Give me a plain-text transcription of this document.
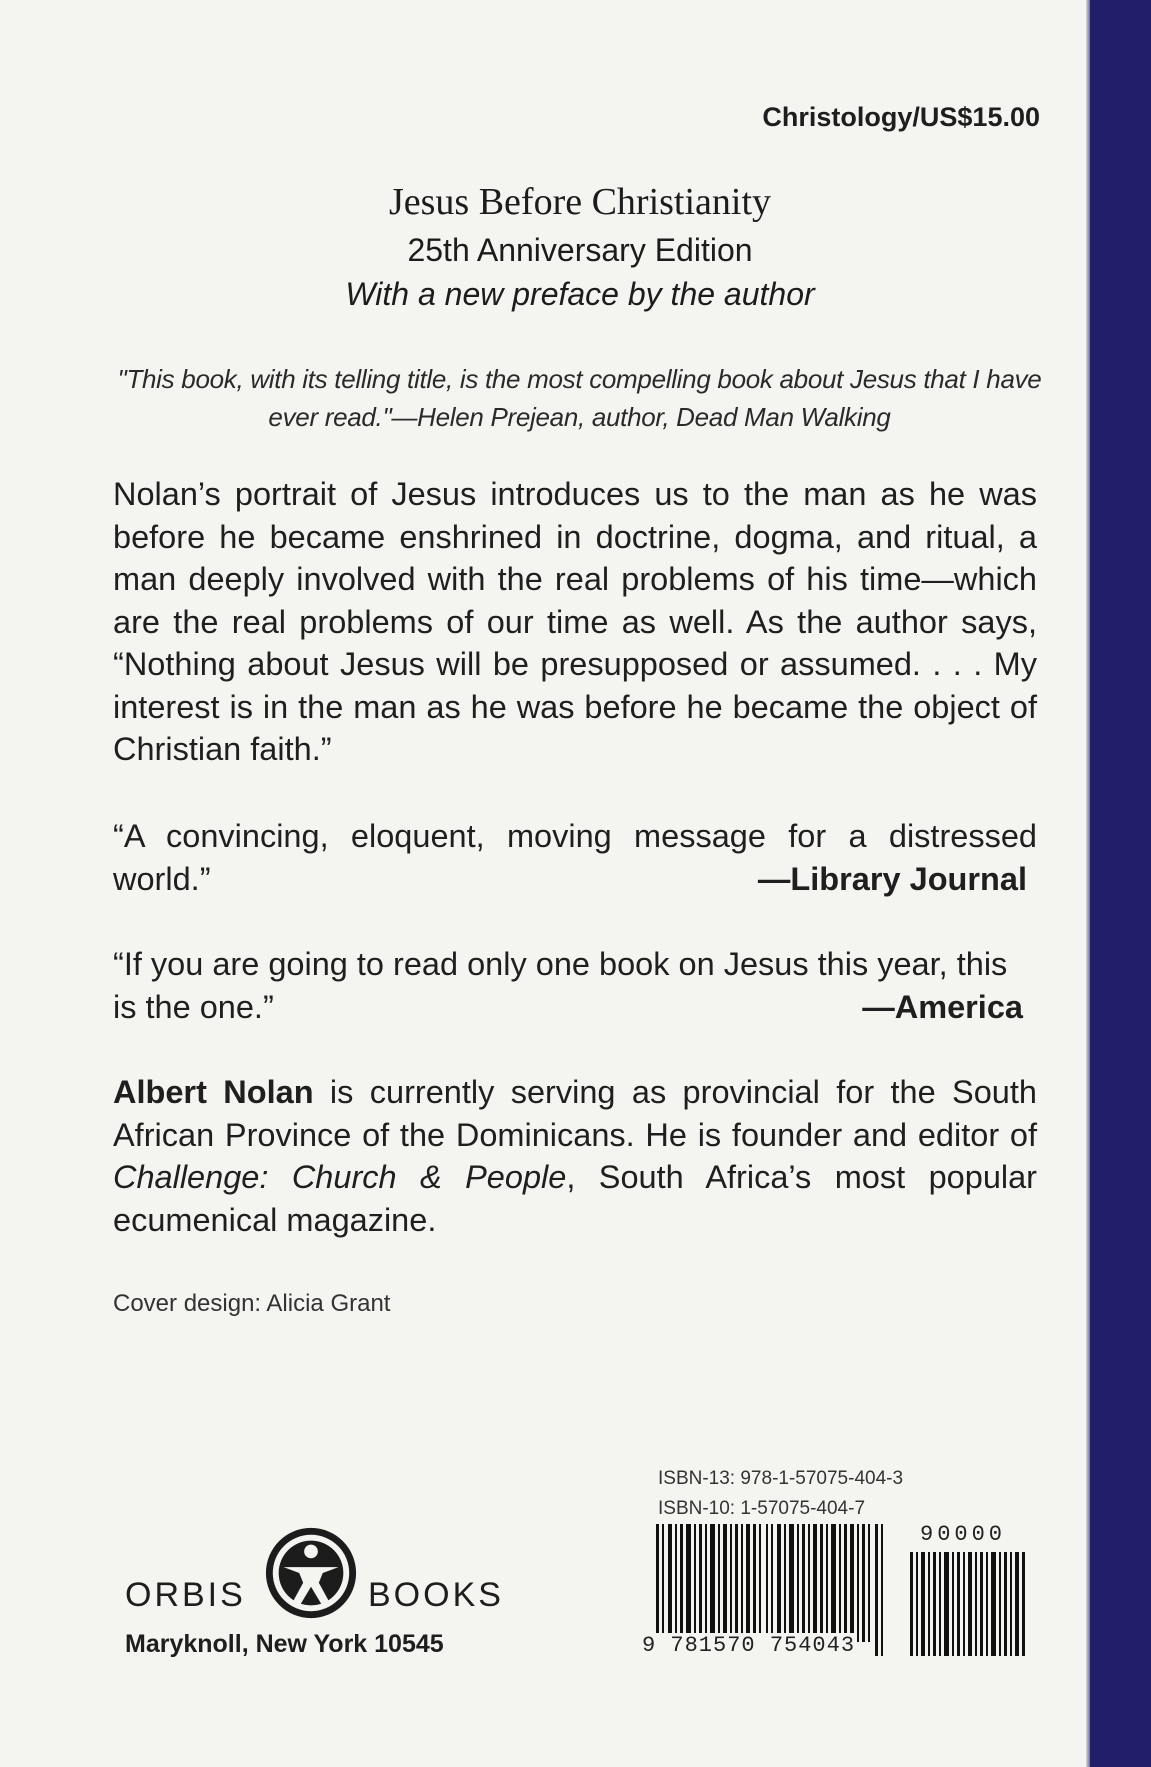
Christology/US$15.00
Jesus Before Christianity
25th Anniversary Edition
With a new preface by the author
"This book, with its telling title, is the most compelling book about Jesus that I have ever read."—Helen Prejean, author, Dead Man Walking
Nolan’s portrait of Jesus introduces us to the man as he was before he became enshrined in doctrine, dogma, and ritual, a man deeply involved with the real problems of his time—which are the real problems of our time as well. As the author says, “Nothing about Jesus will be presupposed or assumed. . . . My interest is in the man as he was before he became the object of Christian faith.”
“A convincing, eloquent, moving message for a distressed world.”	—Library Journal
“If you are going to read only one book on Jesus this year, this is the one.”	—America
Albert Nolan is currently serving as provincial for the South African Province of the Dominicans. He is founder and editor of Challenge: Church & People, South Africa’s most popular ecumenical magazine.
Cover design: Alicia Grant
ISBN-13: 978-1-57075-404-3
ISBN-10: 1-57075-404-7
9 781570 754043
90000
ORBIS	BOOKS
Maryknoll, New York 10545
